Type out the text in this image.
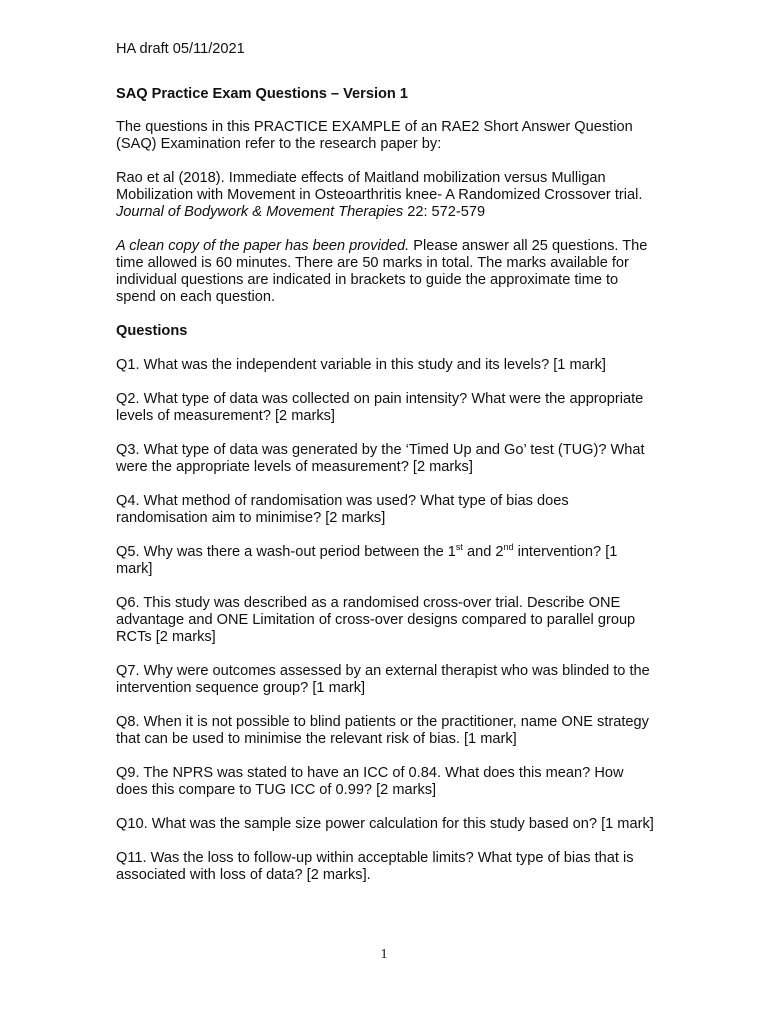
HA draft 05/11/2021
SAQ Practice Exam Questions – Version 1
The questions in this PRACTICE EXAMPLE of an RAE2 Short Answer Question (SAQ) Examination refer to the research paper by:
Rao et al (2018). Immediate effects of Maitland mobilization versus Mulligan Mobilization with Movement in Osteoarthritis knee- A Randomized Crossover trial. Journal of Bodywork & Movement Therapies 22: 572-579
A clean copy of the paper has been provided. Please answer all 25 questions. The time allowed is 60 minutes. There are 50 marks in total. The marks available for individual questions are indicated in brackets to guide the approximate time to spend on each question.
Questions
Q1. What was the independent variable in this study and its levels? [1 mark]
Q2. What type of data was collected on pain intensity? What were the appropriate levels of measurement? [2 marks]
Q3. What type of data was generated by the ‘Timed Up and Go’ test (TUG)? What were the appropriate levels of measurement? [2 marks]
Q4. What method of randomisation was used? What type of bias does randomisation aim to minimise? [2 marks]
Q5. Why was there a wash-out period between the 1st and 2nd intervention? [1 mark]
Q6. This study was described as a randomised cross-over trial. Describe ONE advantage and ONE Limitation of cross-over designs compared to parallel group RCTs [2 marks]
Q7. Why were outcomes assessed by an external therapist who was blinded to the intervention sequence group? [1 mark]
Q8. When it is not possible to blind patients or the practitioner, name ONE strategy that can be used to minimise the relevant risk of bias. [1 mark]
Q9. The NPRS was stated to have an ICC of 0.84. What does this mean? How does this compare to TUG ICC of 0.99? [2 marks]
Q10. What was the sample size power calculation for this study based on? [1 mark]
Q11. Was the loss to follow-up within acceptable limits? What type of bias that is associated with loss of data? [2 marks].
1
